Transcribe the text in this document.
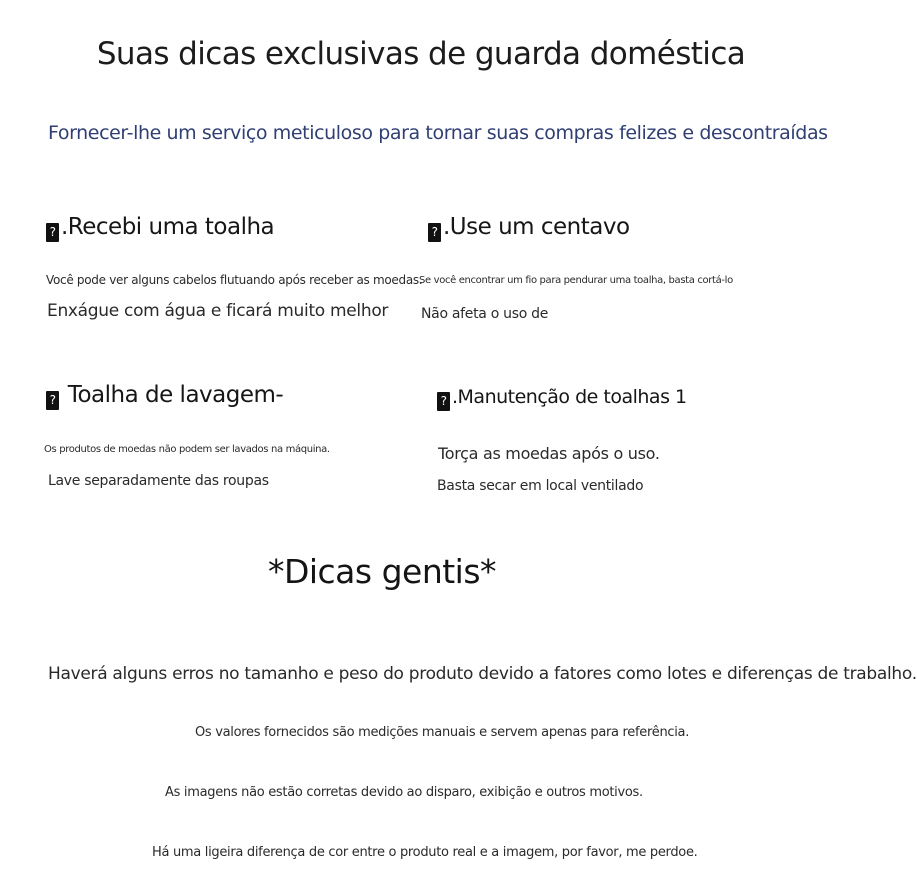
Suas dicas exclusivas de guarda doméstica
Fornecer-lhe um serviço meticuloso para tornar suas compras felizes e descontraídas
? .Recebi uma toalha
Você pode ver alguns cabelos flutuando após receber as moedas.
Enxágue com água e ficará muito melhor
? .Use um centavo
Se você encontrar um fio para pendurar uma toalha, basta cortá-lo
Não afeta o uso de
? Toalha de lavagem-
Os produtos de moedas não podem ser lavados na máquina.
Lave separadamente das roupas
? .Manutenção de toalhas 1
Torça as moedas após o uso.
Basta secar em local ventilado
*Dicas gentis*
Haverá alguns erros no tamanho e peso do produto devido a fatores como lotes e diferenças de trabalho.
Os valores fornecidos são medições manuais e servem apenas para referência.
As imagens não estão corretas devido ao disparo, exibição e outros motivos.
Há uma ligeira diferença de cor entre o produto real e a imagem, por favor, me perdoe.
